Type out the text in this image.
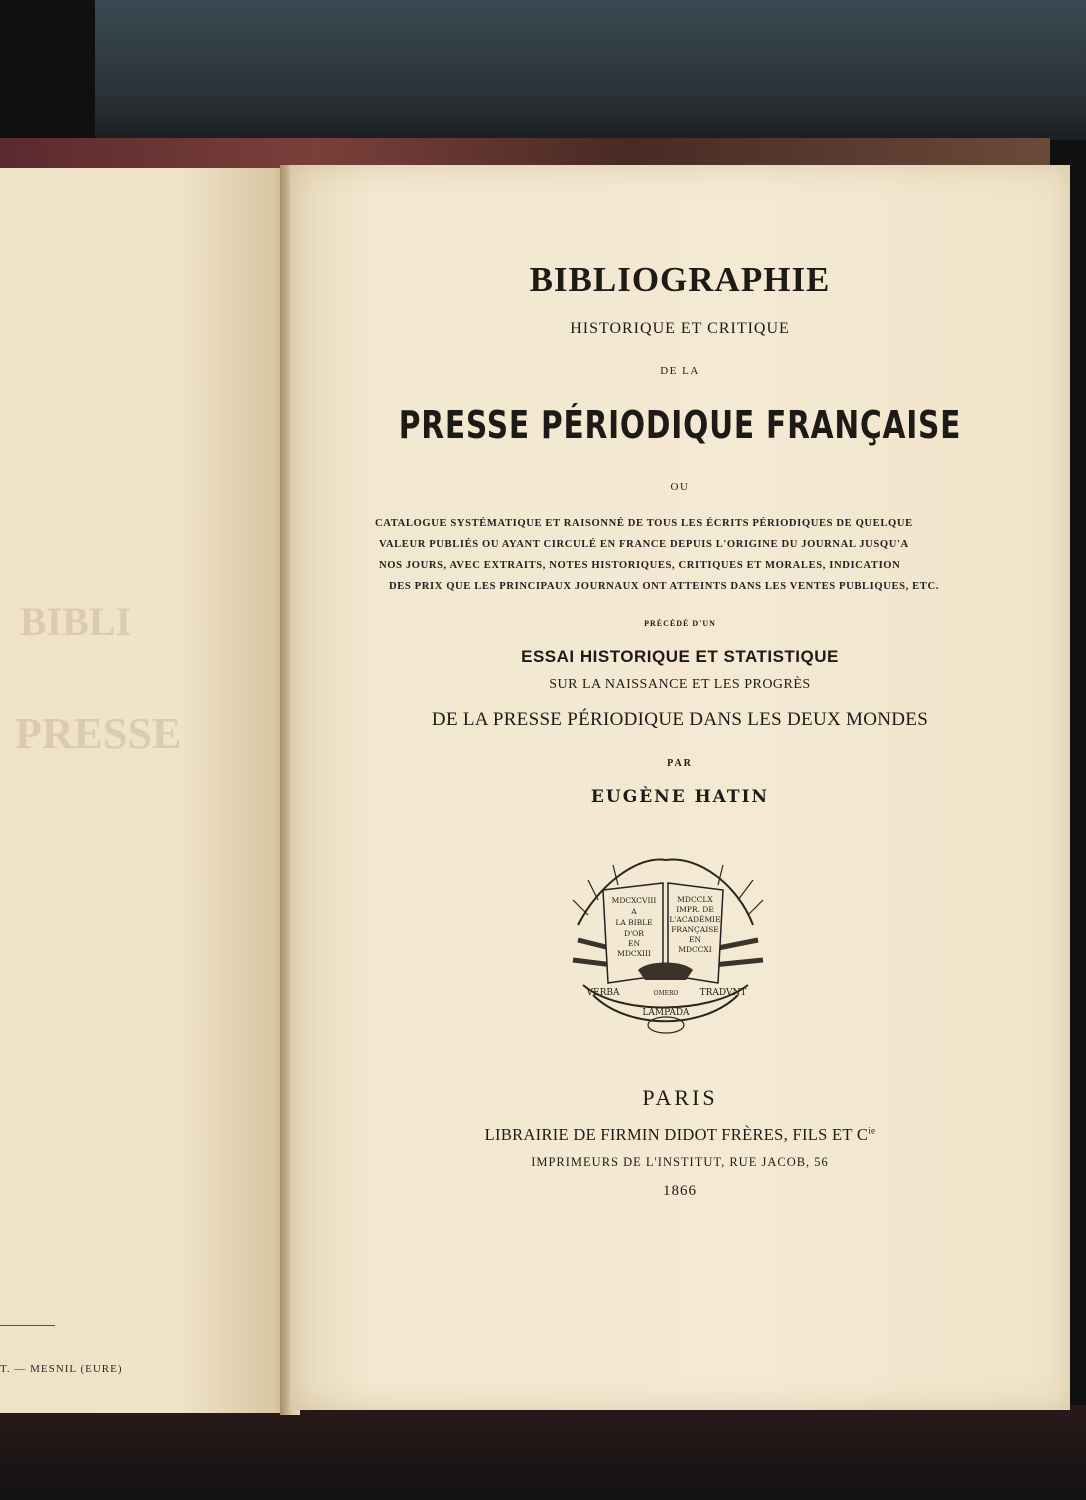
BIBLI
PRESSE
T. — MESNIL (EURE)

BIBLIOGRAPHIE

HISTORIQUE ET CRITIQUE

DE LA

PRESSE PÉRIODIQUE FRANÇAISE

OU

CATALOGUE SYSTÉMATIQUE ET RAISONNÉ DE TOUS LES ÉCRITS PÉRIODIQUES DE QUELQUE
VALEUR PUBLIÉS OU AYANT CIRCULÉ EN FRANCE DEPUIS L'ORIGINE DU JOURNAL JUSQU'A
NOS JOURS, AVEC EXTRAITS, NOTES HISTORIQUES, CRITIQUES ET MORALES, INDICATION
DES PRIX QUE LES PRINCIPAUX JOURNAUX ONT ATTEINTS DANS LES VENTES PUBLIQUES, ETC.

PRÉCÉDÉ D'UN

ESSAI HISTORIQUE ET STATISTIQUE

SUR LA NAISSANCE ET LES PROGRÈS

DE LA PRESSE PÉRIODIQUE DANS LES DEUX MONDES

PAR

EUGÈNE HATIN

MDCXCVIII
A
LA BIBLE
D'OR
EN
MDCXIII
MDCCLX
IMPR. DE
L'ACADÉMIE
FRANÇAISE
EN
MDCCXI
VERBA
LAMPADA
TRADVNT
OMERO

PARIS

LIBRAIRIE DE FIRMIN DIDOT FRÈRES, FILS ET $C^{ie}$

IMPRIMEURS DE L'INSTITUT, RUE JACOB, 56

1866
